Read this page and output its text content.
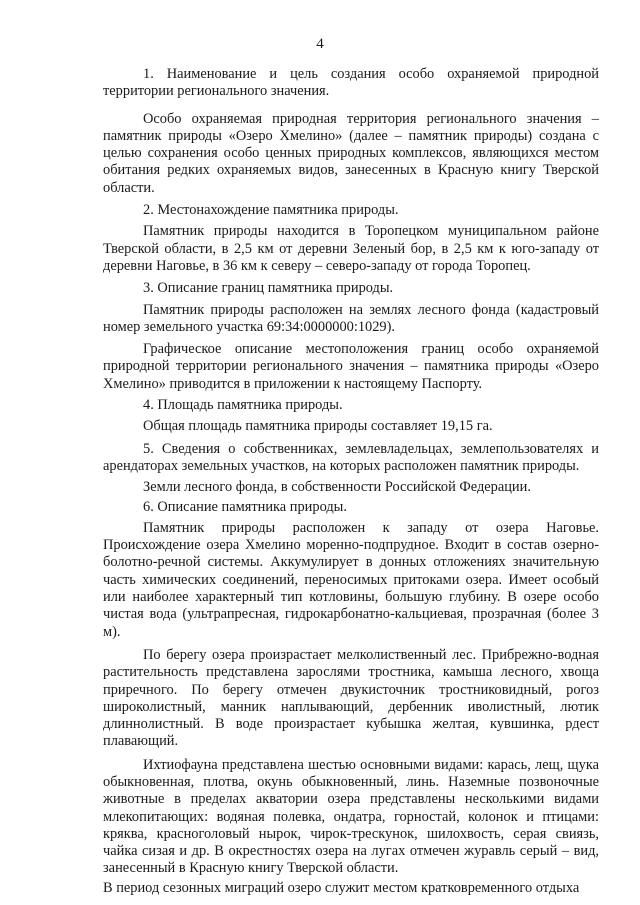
4

1. Наименование и цель создания особо охраняемой природной территории регионального значения.

Особо охраняемая природная территория регионального значения – памятник природы «Озеро Хмелино» (далее – памятник природы) создана с целью сохранения особо ценных природных комплексов, являющихся местом обитания редких охраняемых видов, занесенных в Красную книгу Тверской области.

2. Местонахождение памятника природы.

Памятник природы находится в Торопецком муниципальном районе Тверской области, в 2,5 км от деревни Зеленый бор, в 2,5 км к юго-западу от деревни Наговье, в 36 км к северу – северо-западу от города Торопец.

3. Описание границ памятника природы.

Памятник природы расположен на землях лесного фонда (кадастровый номер земельного участка 69:34:0000000:1029).

Графическое описание местоположения границ особо охраняемой природной территории регионального значения – памятника природы «Озеро Хмелино» приводится в приложении к настоящему Паспорту.

4. Площадь памятника природы.

Общая площадь памятника природы составляет 19,15 га.

5. Сведения о собственниках, землевладельцах, землепользователях и арендаторах земельных участков, на которых расположен памятник природы.

Земли лесного фонда, в собственности Российской Федерации.

6. Описание памятника природы.

Памятник природы расположен к западу от озера Наговье. Происхождение озера Хмелино моренно-подпрудное. Входит в состав озерно-болотно-речной системы. Аккумулирует в донных отложениях значительную часть химических соединений, переносимых притоками озера. Имеет особый или наиболее характерный тип котловины, большую глубину. В озере особо чистая вода (ультрапресная, гидрокарбонатно-кальциевая, прозрачная (более 3 м).

По берегу озера произрастает мелколиственный лес. Прибрежно-водная растительность представлена зарослями тростника, камыша лесного, хвоща приречного. По берегу отмечен двукисточник тростниковидный, рогоз широколистный, манник наплывающий, дербенник иволистный, лютик длиннолистный. В воде произрастает кубышка желтая, кувшинка, рдест плавающий.

Ихтиофауна представлена шестью основными видами: карась, лещ, щука обыкновенная, плотва, окунь обыкновенный, линь. Наземные позвоночные животные в пределах акватории озера представлены несколькими видами млекопитающих: водяная полевка, ондатра, горностай, колонок и птицами: кряква, красноголовый нырок, чирок-трескунок, шилохвость, серая свиязь, чайка сизая и др. В окрестностях озера на лугах отмечен журавль серый – вид, занесенный в Красную книгу Тверской области.

В период сезонных миграций озеро служит местом кратковременного отдыха
